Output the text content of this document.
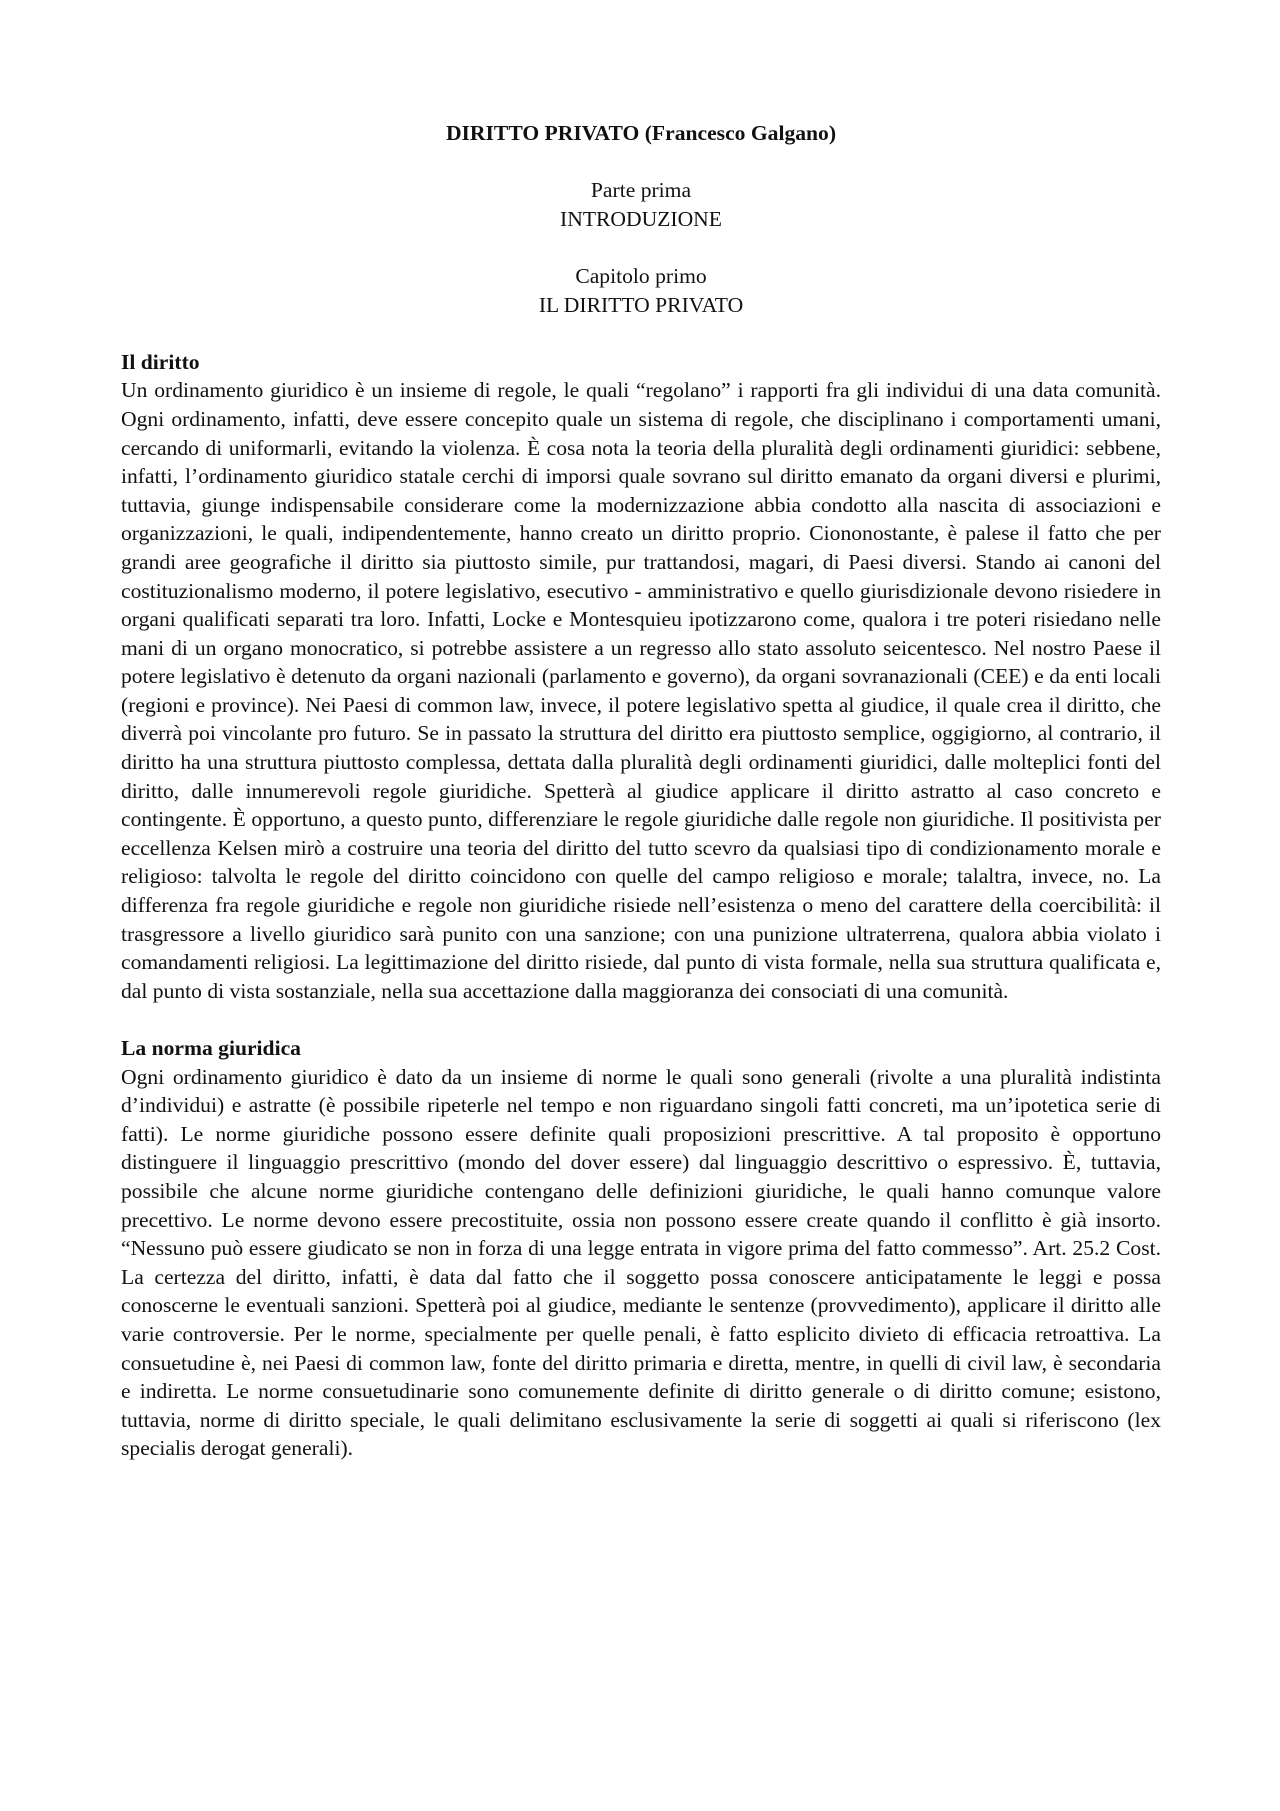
DIRITTO PRIVATO (Francesco Galgano)
Parte prima
INTRODUZIONE
Capitolo primo
IL DIRITTO PRIVATO
Il diritto
Un ordinamento giuridico è un insieme di regole, le quali “regolano” i rapporti fra gli individui di una data comunità. Ogni ordinamento, infatti, deve essere concepito quale un sistema di regole, che disciplinano i comportamenti umani, cercando di uniformarli, evitando la violenza. È cosa nota la teoria della pluralità degli ordinamenti giuridici: sebbene, infatti, l’ordinamento giuridico statale cerchi di imporsi quale sovrano sul diritto emanato da organi diversi e plurimi, tuttavia, giunge indispensabile considerare come la modernizzazione abbia condotto alla nascita di associazioni e organizzazioni, le quali, indipendentemente, hanno creato un diritto proprio. Ciononostante, è palese il fatto che per grandi aree geografiche il diritto sia piuttosto simile, pur trattandosi, magari, di Paesi diversi. Stando ai canoni del costituzionalismo moderno, il potere legislativo, esecutivo - amministrativo e quello giurisdizionale devono risiedere in organi qualificati separati tra loro. Infatti, Locke e Montesquieu ipotizzarono come, qualora i tre poteri risiedano nelle mani di un organo monocratico, si potrebbe assistere a un regresso allo stato assoluto seicentesco. Nel nostro Paese il potere legislativo è detenuto da organi nazionali (parlamento e governo), da organi sovranazionali (CEE) e da enti locali (regioni e province). Nei Paesi di common law, invece, il potere legislativo spetta al giudice, il quale crea il diritto, che diverrà poi vincolante pro futuro. Se in passato la struttura del diritto era piuttosto semplice, oggigiorno, al contrario, il diritto ha una struttura piuttosto complessa, dettata dalla pluralità degli ordinamenti giuridici, dalle molteplici fonti del diritto, dalle innumerevoli regole giuridiche. Spetterà al giudice applicare il diritto astratto al caso concreto e contingente. È opportuno, a questo punto, differenziare le regole giuridiche dalle regole non giuridiche. Il positivista per eccellenza Kelsen mirò a costruire una teoria del diritto del tutto scevro da qualsiasi tipo di condizionamento morale e religioso: talvolta le regole del diritto coincidono con quelle del campo religioso e morale; talaltra, invece, no. La differenza fra regole giuridiche e regole non giuridiche risiede nell’esistenza o meno del carattere della coercibilità: il trasgressore a livello giuridico sarà punito con una sanzione; con una punizione ultraterrena, qualora abbia violato i comandamenti religiosi. La legittimazione del diritto risiede, dal punto di vista formale, nella sua struttura qualificata e, dal punto di vista sostanziale, nella sua accettazione dalla maggioranza dei consociati di una comunità.
La norma giuridica
Ogni ordinamento giuridico è dato da un insieme di norme le quali sono generali (rivolte a una pluralità indistinta d’individui) e astratte (è possibile ripeterle nel tempo e non riguardano singoli fatti concreti, ma un’ipotetica serie di fatti). Le norme giuridiche possono essere definite quali proposizioni prescrittive. A tal proposito è opportuno distinguere il linguaggio prescrittivo (mondo del dover essere) dal linguaggio descrittivo o espressivo. È, tuttavia, possibile che alcune norme giuridiche contengano delle definizioni giuridiche, le quali hanno comunque valore precettivo. Le norme devono essere precostituite, ossia non possono essere create quando il conflitto è già insorto. “Nessuno può essere giudicato se non in forza di una legge entrata in vigore prima del fatto commesso”. Art. 25.2 Cost. La certezza del diritto, infatti, è data dal fatto che il soggetto possa conoscere anticipatamente le leggi e possa conoscerne le eventuali sanzioni. Spetterà poi al giudice, mediante le sentenze (provvedimento), applicare il diritto alle varie controversie. Per le norme, specialmente per quelle penali, è fatto esplicito divieto di efficacia retroattiva. La consuetudine è, nei Paesi di common law, fonte del diritto primaria e diretta, mentre, in quelli di civil law, è secondaria e indiretta. Le norme consuetudinarie sono comunemente definite di diritto generale o di diritto comune; esistono, tuttavia, norme di diritto speciale, le quali delimitano esclusivamente la serie di soggetti ai quali si riferiscono (lex specialis derogat generali).
